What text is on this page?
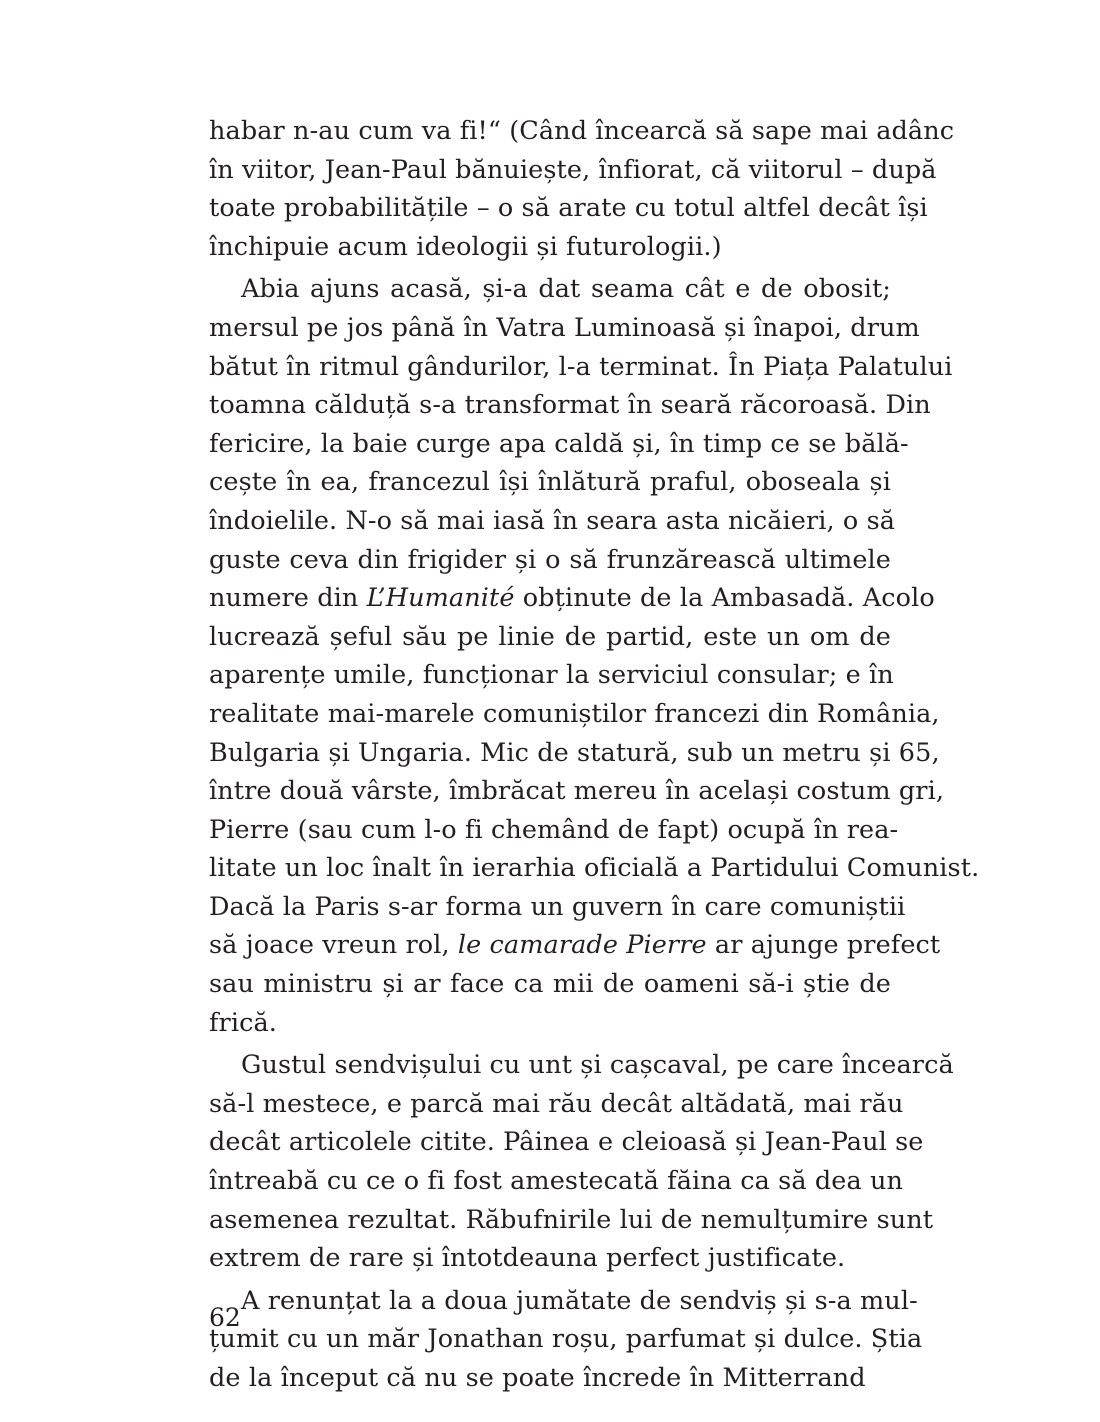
habar n-au cum va fi!“ (Când încearcă să sape mai adânc
în viitor, Jean-Paul bănuiește, înfiorat, că viitorul – după
toate probabilitățile – o să arate cu totul altfel decât își
închipuie acum ideologii și futurologii.)
Abia ajuns acasă, și-a dat seama cât e de obosit;
mersul pe jos până în Vatra Luminoasă și înapoi, drum
bătut în ritmul gândurilor, l-a terminat. În Piața Palatului
toamna călduță s-a transformat în seară răcoroasă. Din
fericire, la baie curge apa caldă și, în timp ce se bălă-
cește în ea, francezul își înlătură praful, oboseala și
îndoielile. N-o să mai iasă în seara asta nicăieri, o să
guste ceva din frigider și o să frunzărească ultimele
numere din L’Humanité obținute de la Ambasadă. Acolo
lucrează șeful său pe linie de partid, este un om de
aparențe umile, funcționar la serviciul consular; e în
realitate mai-marele comuniștilor francezi din România,
Bulgaria și Ungaria. Mic de statură, sub un metru și 65,
între două vârste, îmbrăcat mereu în același costum gri,
Pierre (sau cum l-o fi chemând de fapt) ocupă în rea-
litate un loc înalt în ierarhia oficială a Partidului Comunist.
Dacă la Paris s-ar forma un guvern în care comuniștii
să joace vreun rol, le camarade Pierre ar ajunge prefect
sau ministru și ar face ca mii de oameni să-i știe de
frică.
Gustul sendvișului cu unt și cașcaval, pe care încearcă
să-l mestece, e parcă mai rău decât altădată, mai rău
decât articolele citite. Pâinea e cleioasă și Jean-Paul se
întreabă cu ce o fi fost amestecată făina ca să dea un
asemenea rezultat. Răbufnirile lui de nemulțumire sunt
extrem de rare și întotdeauna perfect justificate.
A renunțat la a doua jumătate de sendviș și s-a mul-
țumit cu un măr Jonathan roșu, parfumat și dulce. Știa
de la început că nu se poate încrede în Mitterrand
62
